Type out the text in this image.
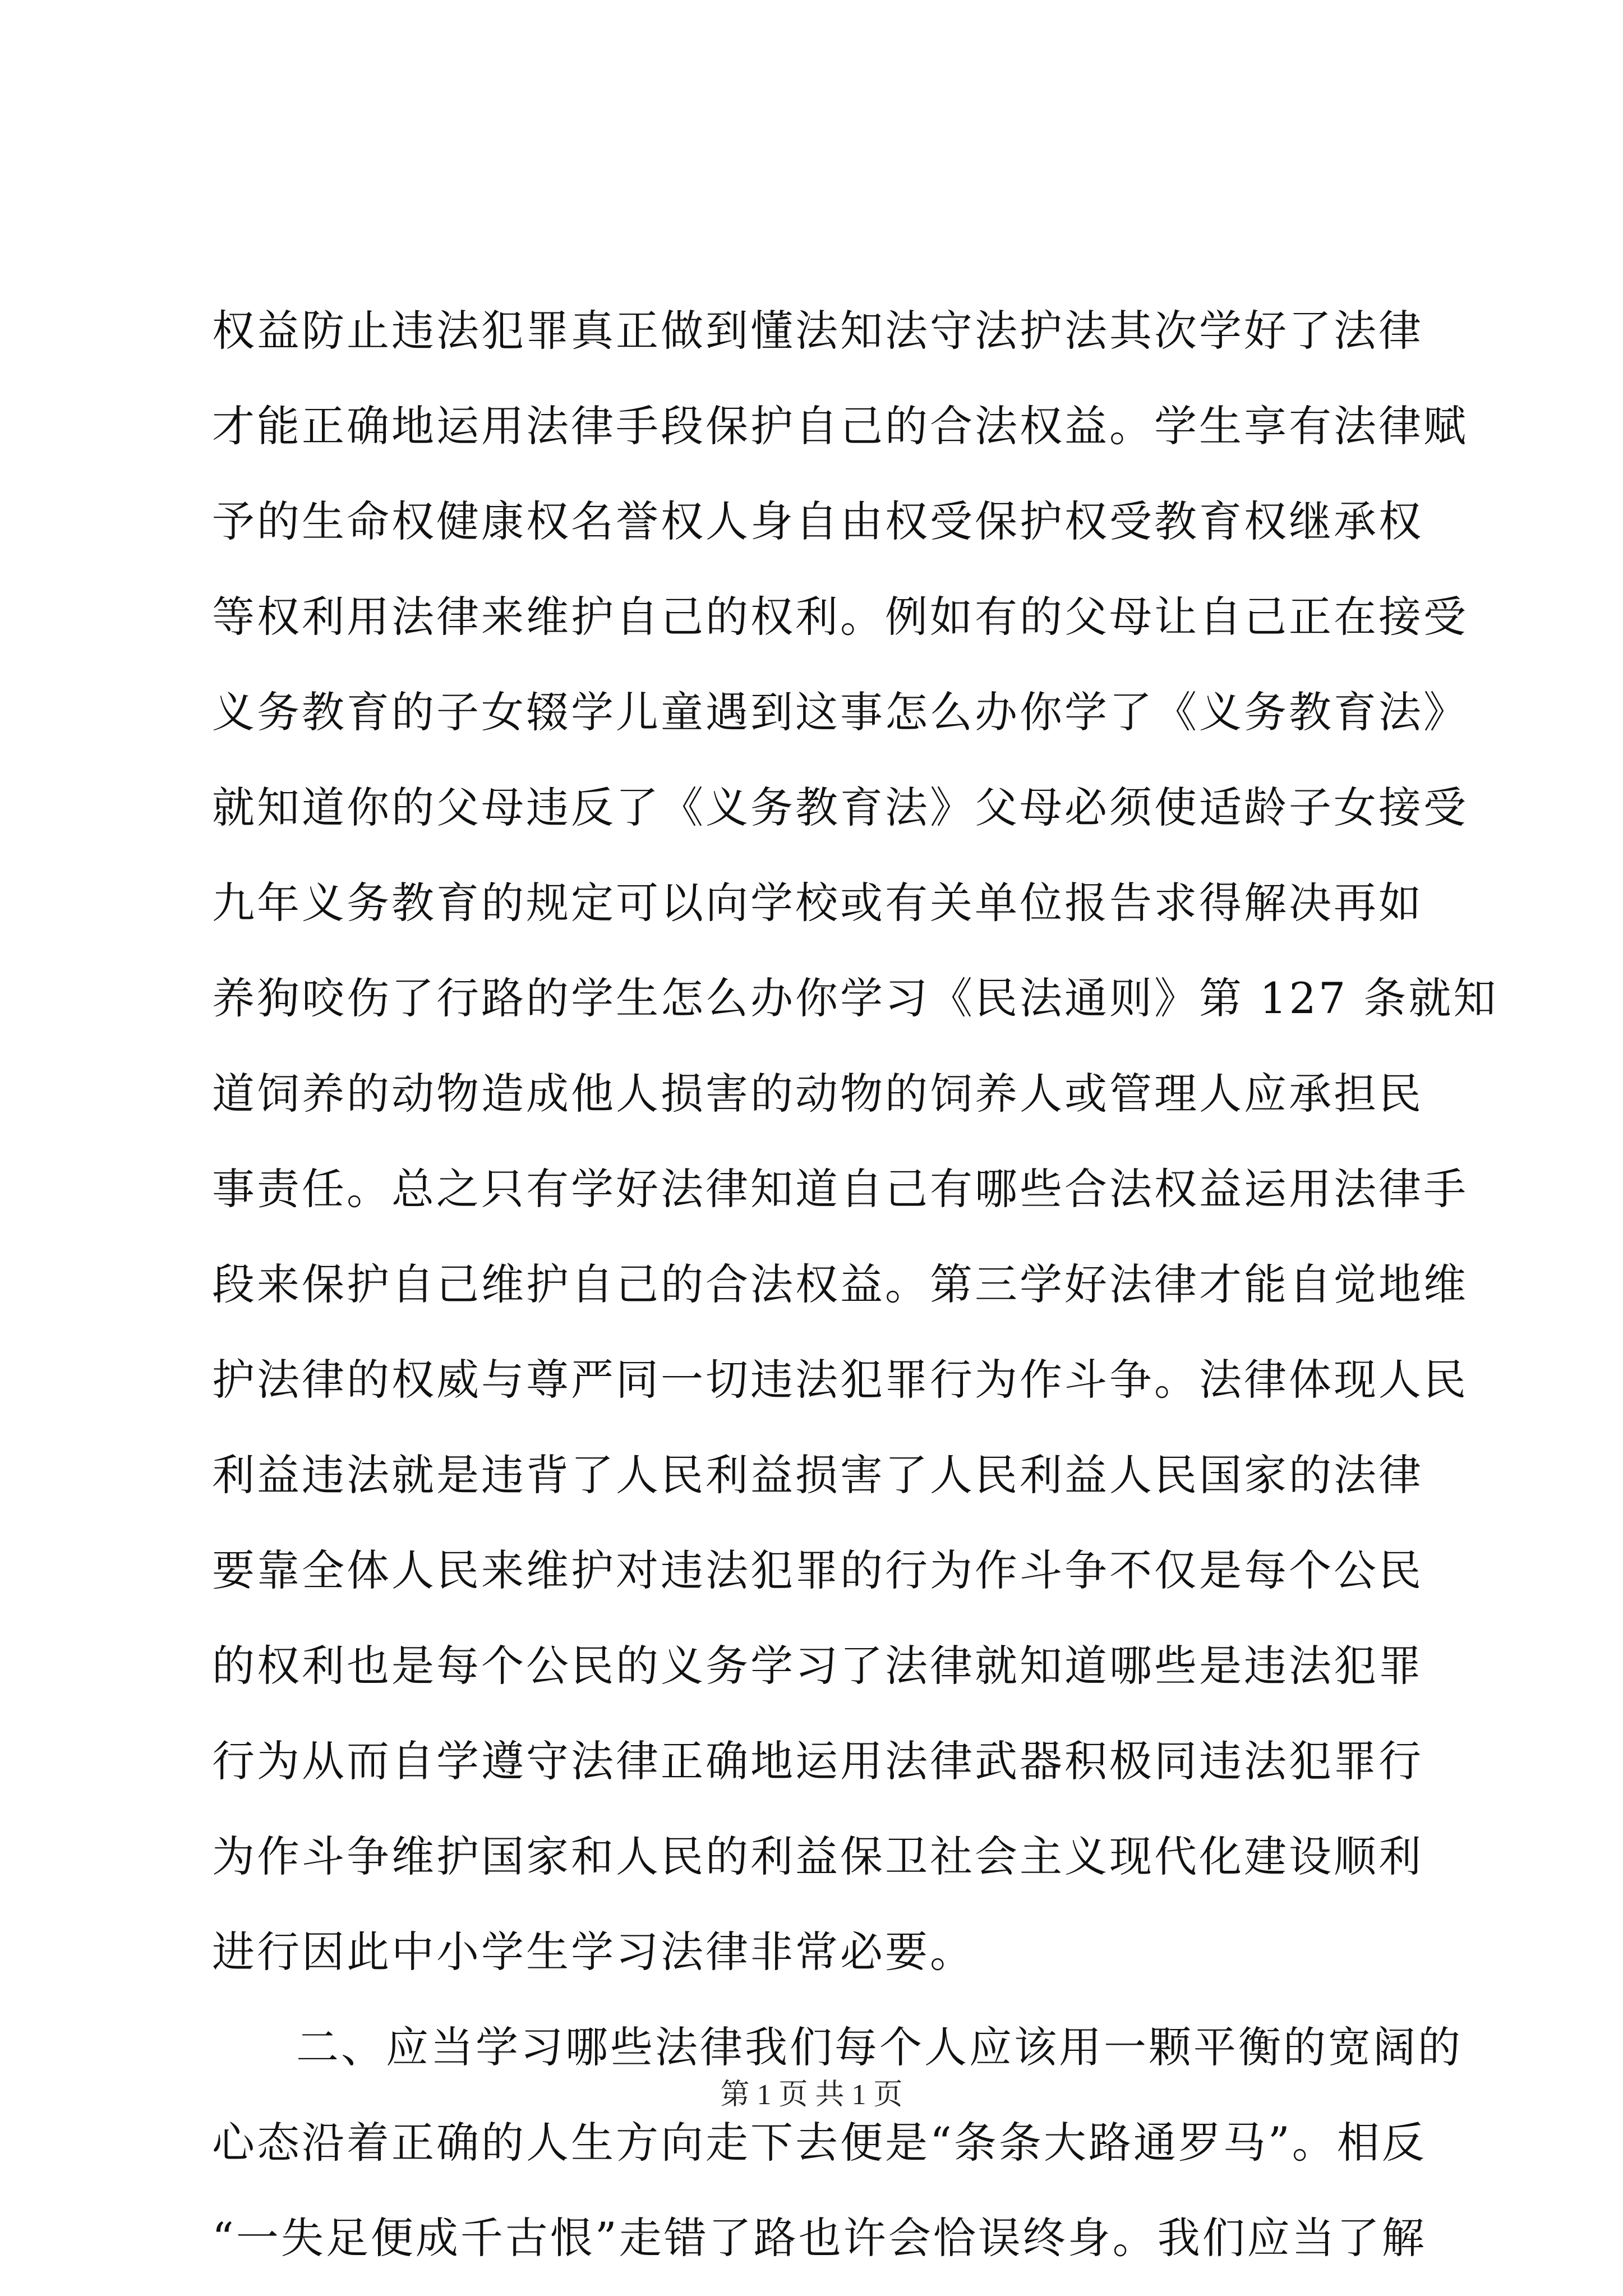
权益防止违法犯罪真正做到懂法知法守法护法其次学好了法律
才能正确地运用法律手段保护自己的合法权益。学生享有法律赋
予的生命权健康权名誉权人身自由权受保护权受教育权继承权
等权利用法律来维护自己的权利。例如有的父母让自己正在接受
义务教育的子女辍学儿童遇到这事怎么办你学了《义务教育法》
就知道你的父母违反了《义务教育法》父母必须使适龄子女接受
九年义务教育的规定可以向学校或有关单位报告求得解决再如
养狗咬伤了行路的学生怎么办你学习《民法通则》第 127 条就知
道饲养的动物造成他人损害的动物的饲养人或管理人应承担民
事责任。总之只有学好法律知道自己有哪些合法权益运用法律手
段来保护自己维护自己的合法权益。第三学好法律才能自觉地维
护法律的权威与尊严同一切违法犯罪行为作斗争。法律体现人民
利益违法就是违背了人民利益损害了人民利益人民国家的法律
要靠全体人民来维护对违法犯罪的行为作斗争不仅是每个公民
的权利也是每个公民的义务学习了法律就知道哪些是违法犯罪
行为从而自学遵守法律正确地运用法律武器积极同违法犯罪行
为作斗争维护国家和人民的利益保卫社会主义现代化建设顺利
进行因此中小学生学习法律非常必要。
二、应当学习哪些法律我们每个人应该用一颗平衡的宽阔的
心态沿着正确的人生方向走下去便是“条条大路通罗马”。相反
“一失足便成千古恨”走错了路也许会恰误终身。我们应当了解
第 1 页 共 1 页
